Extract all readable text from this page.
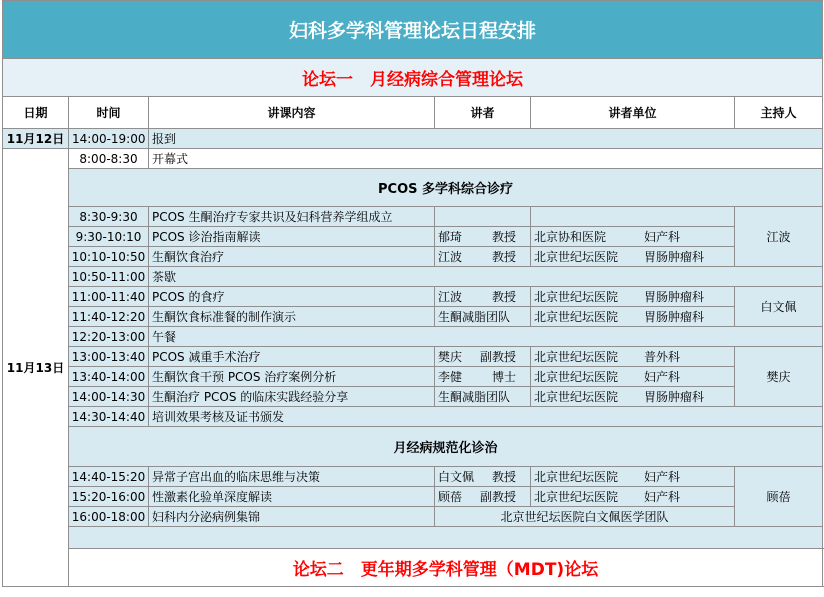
妇科多学科管理论坛日程安排					
论坛一　月经病综合管理论坛					
日期	时间	讲课内容	讲者	讲者单位	主持人
11月12日	14:00-19:00	报到			
11月13日	8:00-8:30	开幕式			
	PCOS 多学科综合诊疗				
	8:30-9:30	PCOS 生酮治疗专家共识及妇科营养学组成立			江波
	9:30-10:10	PCOS 诊治指南解读	郁琦 教授	北京协和医院 妇产科	

	10:10-10:50	生酮饮食治疗	江波 教授	北京世纪坛医院 胃肠肿瘤科	

	10:50-11:00	茶歇			
	11:00-11:40	PCOS 的食疗	江波 教授	北京世纪坛医院 胃肠肿瘤科	白文佩
	11:40-12:20	生酮饮食标准餐的制作演示	生酮减脂团队	北京世纪坛医院 胃肠肿瘤科	

	12:20-13:00	午餐			
	13:00-13:40	PCOS 减重手术治疗	樊庆 副教授	北京世纪坛医院 普外科	樊庆
	13:40-14:00	生酮饮食干预 PCOS 治疗案例分析	李健 博士	北京世纪坛医院 妇产科	

	14:00-14:30	生酮治疗 PCOS 的临床实践经验分享	生酮减脂团队	北京世纪坛医院 胃肠肿瘤科	

	14:30-14:40	培训效果考核及证书颁发			
	月经病规范化诊治				
	14:40-15:20	异常子宫出血的临床思维与决策	白文佩 教授	北京世纪坛医院 妇产科	顾蓓
	15:20-16:00	性激素化验单深度解读	顾蓓 副教授	北京世纪坛医院 妇产科	

	16:00-18:00	妇科内分泌病例集锦	北京世纪坛医院白文佩医学团队		

	论坛二　更年期多学科管理（MDT)论坛				
